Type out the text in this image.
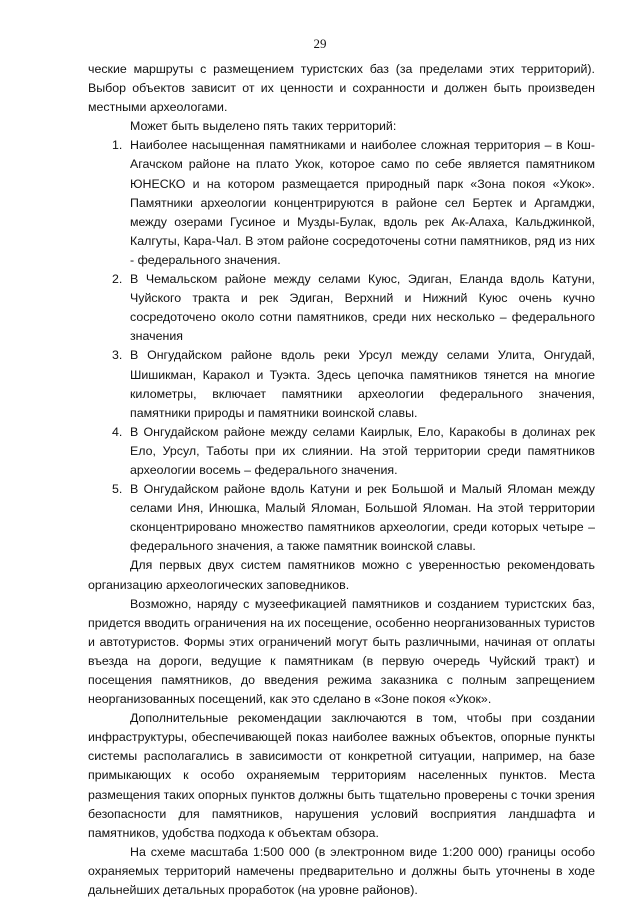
29

ческие маршруты с размещением туристских баз (за пределами этих территорий). Выбор объектов зависит от их ценности и сохранности и должен быть произведен местными археологами.

Может быть выделено пять таких территорий:

1. Наиболее насыщенная памятниками и наиболее сложная территория – в Кош-Агачском районе на плато Укок, которое само по себе является памятником ЮНЕСКО и на котором размещается природный парк «Зона покоя «Укок». Памятники археологии концентрируются в районе сел Бертек и Аргамджи, между озерами Гусиное и Музды-Булак, вдоль рек Ак-Алаха, Кальджинкой, Калгуты, Кара-Чал. В этом районе сосредоточены сотни памятников, ряд из них - федерального значения.
2. В Чемальском районе между селами Куюс, Эдиган, Еланда вдоль Катуни, Чуйского тракта и рек Эдиган, Верхний и Нижний Куюс очень кучно сосредоточено около сотни памятников, среди них несколько – федерального значения
3. В Онгудайском районе вдоль реки Урсул между селами Улита, Онгудай, Шишикман, Каракол и Туэкта. Здесь цепочка памятников тянется на многие километры, включает памятники археологии федерального значения, памятники природы и памятники воинской славы.
4. В Онгудайском районе между селами Каирлык, Ело, Каракобы в долинах рек Ело, Урсул, Таботы при их слиянии. На этой территории среди памятников археологии восемь – федерального значения.
5. В Онгудайском районе вдоль Катуни и рек Большой и Малый Яломан между селами Иня, Инюшка, Малый Яломан, Большой Яломан. На этой территории сконцентрировано множество памятников археологии, среди которых четыре – федерального значения, а также памятник воинской славы.

Для первых двух систем памятников можно с уверенностью рекомендовать организацию археологических заповедников.

Возможно, наряду с музеефикацией памятников и созданием туристских баз, придется вводить ограничения на их посещение, особенно неорганизованных туристов и автотуристов. Формы этих ограничений могут быть различными, начиная от оплаты въезда на дороги, ведущие к памятникам (в первую очередь Чуйский тракт) и посещения памятников, до введения режима заказника с полным запрещением неорганизованных посещений, как это сделано в «Зоне покоя «Укок».

Дополнительные рекомендации заключаются в том, чтобы при создании инфраструктуры, обеспечивающей показ наиболее важных объектов, опорные пункты системы располагались в зависимости от конкретной ситуации, например, на базе примыкающих к особо охраняемым территориям населенных пунктов. Места размещения таких опорных пунктов должны быть тщательно проверены с точки зрения безопасности для памятников, нарушения условий восприятия ландшафта и памятников, удобства подхода к объектам обзора.

На схеме масштаба 1:500 000 (в электронном виде 1:200 000) границы особо охраняемых территорий намечены предварительно и должны быть уточнены в ходе дальнейших детальных проработок (на уровне районов).
